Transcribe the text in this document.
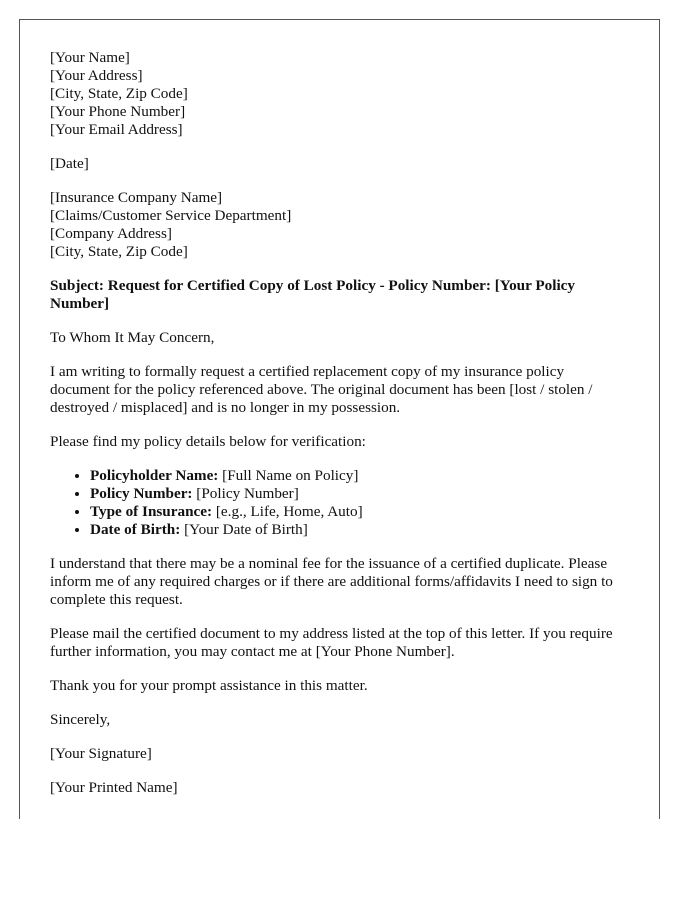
[Your Name]
[Your Address]
[City, State, Zip Code]
[Your Phone Number]
[Your Email Address]

[Date]

[Insurance Company Name]
[Claims/Customer Service Department]
[Company Address]
[City, State, Zip Code]

Subject: Request for Certified Copy of Lost Policy - Policy Number: [Your Policy Number]

To Whom It May Concern,

I am writing to formally request a certified replacement copy of my insurance policy document for the policy referenced above. The original document has been [lost / stolen / destroyed / misplaced] and is no longer in my possession.

Please find my policy details below for verification:

• Policyholder Name: [Full Name on Policy]
• Policy Number: [Policy Number]
• Type of Insurance: [e.g., Life, Home, Auto]
• Date of Birth: [Your Date of Birth]

I understand that there may be a nominal fee for the issuance of a certified duplicate. Please inform me of any required charges or if there are additional forms/affidavits I need to sign to complete this request.

Please mail the certified document to my address listed at the top of this letter. If you require further information, you may contact me at [Your Phone Number].

Thank you for your prompt assistance in this matter.

Sincerely,

[Your Signature]

[Your Printed Name]
